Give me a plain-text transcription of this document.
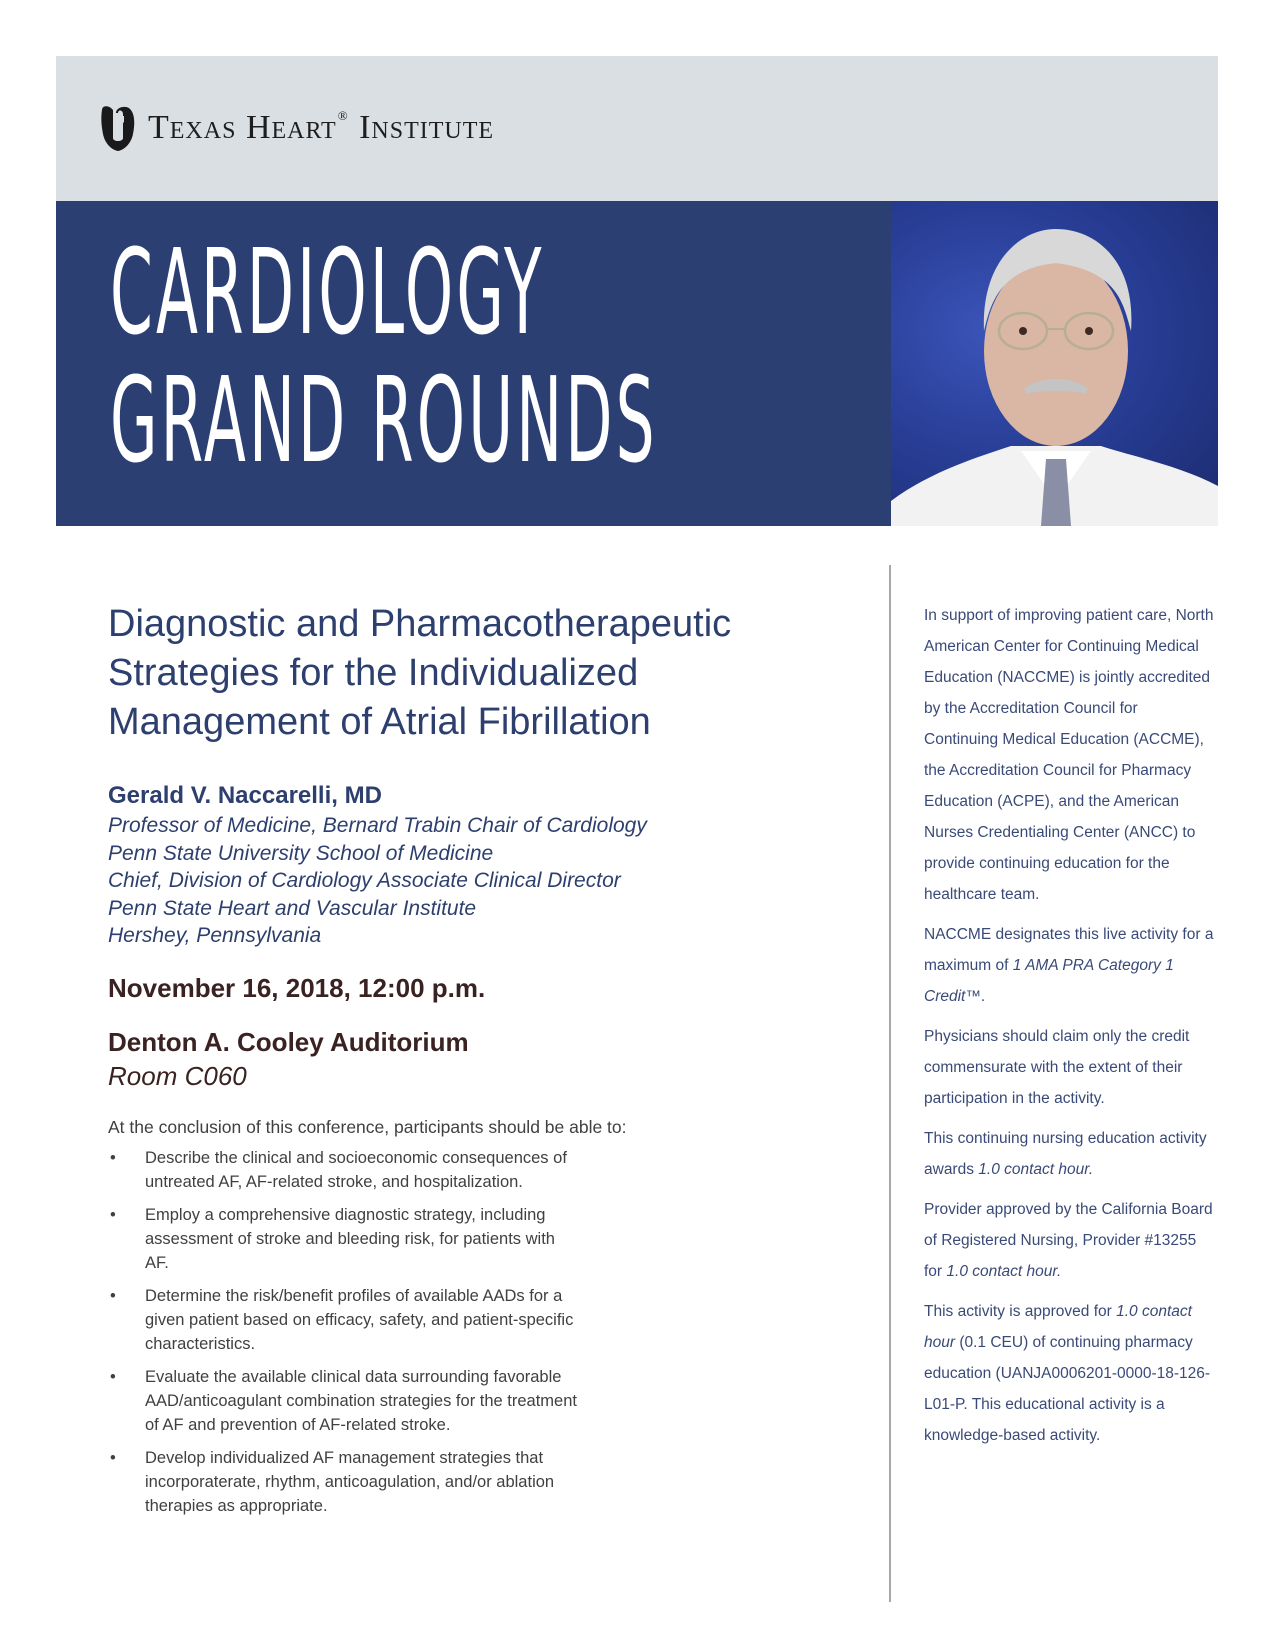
Texas Heart® Institute
CARDIOLOGY
GRAND ROUNDS
Diagnostic and Pharmacotherapeutic
Strategies for the Individualized
Management of Atrial Fibrillation
Gerald V. Naccarelli, MD
Professor of Medicine, Bernard Trabin Chair of Cardiology
Penn State University School of Medicine
Chief, Division of Cardiology Associate Clinical Director
Penn State Heart and Vascular Institute
Hershey, Pennsylvania
November 16, 2018, 12:00 p.m.
Denton A. Cooley Auditorium
Room C060
At the conclusion of this conference, participants should be able to:
• Describe the clinical and socioeconomic consequences of untreated AF, AF-related stroke, and hospitalization.
• Employ a comprehensive diagnostic strategy, including assessment of stroke and bleeding risk, for patients with AF.
• Determine the risk/benefit profiles of available AADs for a given patient based on efficacy, safety, and patient-specific characteristics.
• Evaluate the available clinical data surrounding favorable AAD/anticoagulant combination strategies for the treatment of AF and prevention of AF-related stroke.
• Develop individualized AF management strategies that incorporaterate, rhythm, anticoagulation, and/or ablation therapies as appropriate.

In support of improving patient care, North American Center for Continuing Medical Education (NACCME) is jointly accredited by the Accreditation Council for Continuing Medical Education (ACCME), the Accreditation Council for Pharmacy Education (ACPE), and the American Nurses Credentialing Center (ANCC) to provide continuing education for the healthcare team.

NACCME designates this live activity for a maximum of 1 AMA PRA Category 1 Credit™.

Physicians should claim only the credit commensurate with the extent of their participation in the activity.

This continuing nursing education activity awards 1.0 contact hour.

Provider approved by the California Board of Registered Nursing, Provider #13255 for 1.0 contact hour.

This activity is approved for 1.0 contact hour (0.1 CEU) of continuing pharmacy education (UANJA0006201-0000-18-126-L01-P. This educational activity is a knowledge-based activity.
